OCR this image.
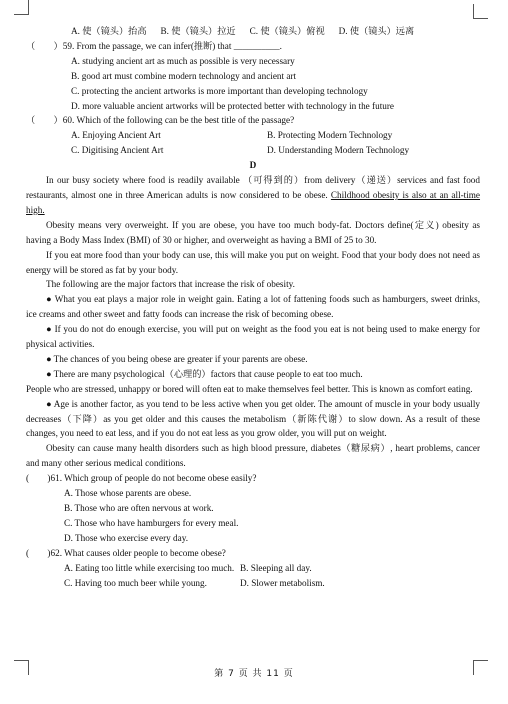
A. 使（镜头）抬高 B. 使（镜头）拉近 C. 使（镜头）俯视 D. 使（镜头）远离
（　　）59. From the passage, we can infer(推断) that __________.
A. studying ancient art as much as possible is very necessary
B. good art must combine modern technology and ancient art
C. protecting the ancient artworks is more important than developing technology
D. more valuable ancient artworks will be protected better with technology in the future
（　　）60. Which of the following can be the best title of the passage?
A. Enjoying Ancient Art	B. Protecting Modern Technology
C. Digitising Ancient Art	D. Understanding Modern Technology
D

In our busy society where food is readily available （可得到的）from delivery（递送）services and fast food restaurants, almost one in three American adults is now considered to be obese. Childhood obesity is also at an all-time high.

Obesity means very overweight. If you are obese, you have too much body-fat. Doctors define(定义) obesity as having a Body Mass Index (BMI) of 30 or higher, and overweight as having a BMI of 25 to 30.

If you eat more food than your body can use, this will make you put on weight. Food that your body does not need as energy will be stored as fat by your body.

The following are the major factors that increase the risk of obesity.

● What you eat plays a major role in weight gain. Eating a lot of fattening foods such as hamburgers, sweet drinks, ice creams and other sweet and fatty foods can increase the risk of becoming obese.

● If you do not do enough exercise, you will put on weight as the food you eat is not being used to make energy for physical activities.

● The chances of you being obese are greater if your parents are obese.

● There are many psychological（心理的）factors that cause people to eat too much.

People who are stressed, unhappy or bored will often eat to make themselves feel better. This is known as comfort eating.

● Age is another factor, as you tend to be less active when you get older. The amount of muscle in your body usually decreases（下降）as you get older and this causes the metabolism（新陈代谢）to slow down. As a result of these changes, you need to eat less, and if you do not eat less as you grow older, you will put on weight.

Obesity can cause many health disorders such as high blood pressure, diabetes（糖尿病）, heart problems, cancer and many other serious medical conditions.

(　　)61. Which group of people do not become obese easily?
A. Those whose parents are obese.
B. Those who are often nervous at work.
C. Those who have hamburgers for every meal.
D. Those who exercise every day.
(　　)62. What causes older people to become obese?
A. Eating too little while exercising too much. B. Sleeping all day.
C. Having too much beer while young.	D. Slower metabolism.
第 7 页 共 11 页
